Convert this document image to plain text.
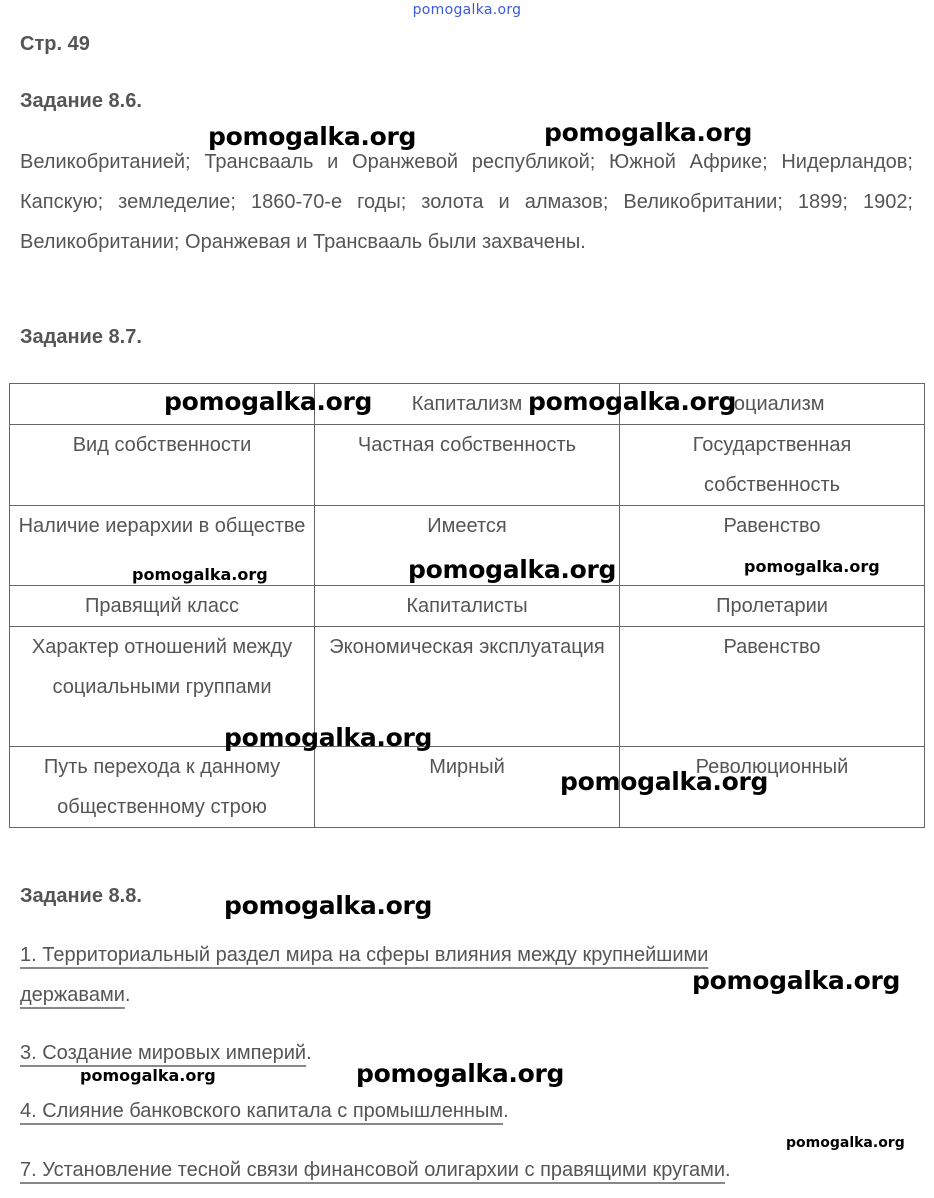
pomogalka.org
Стр. 49
Задание 8.6.
Великобританией; Трансвааль и Оранжевой республикой; Южной Африке; Нидерландов; Капскую; земледелие; 1860-70-е годы; золота и алмазов; Великобритании; 1899; 1902; Великобритании; Оранжевая и Трансвааль были захвачены.
Задание 8.7.
	Капитализм	Социализм
Вид собственности	Частная собственность	Государственная собственность
Наличие иерархии в обществе	Имеется	Равенство
Правящий класс	Капиталисты	Пролетарии
Характер отношений между социальными группами	Экономическая эксплуатация	Равенство
Путь перехода к данному общественному строю	Мирный	Революционный
Задание 8.8.
1. Территориальный раздел мира на сферы влияния между крупнейшими державами.
3. Создание мировых империй.
4. Слияние банковского капитала с промышленным.
7. Установление тесной связи финансовой олигархии с правящими кругами.
pomogalka.org	pomogalka.org
pomogalka.org	pomogalka.org
pomogalka.org	pomogalka.org	pomogalka.org
pomogalka.org
pomogalka.org
pomogalka.org
pomogalka.org
pomogalka.org	pomogalka.org
pomogalka.org
